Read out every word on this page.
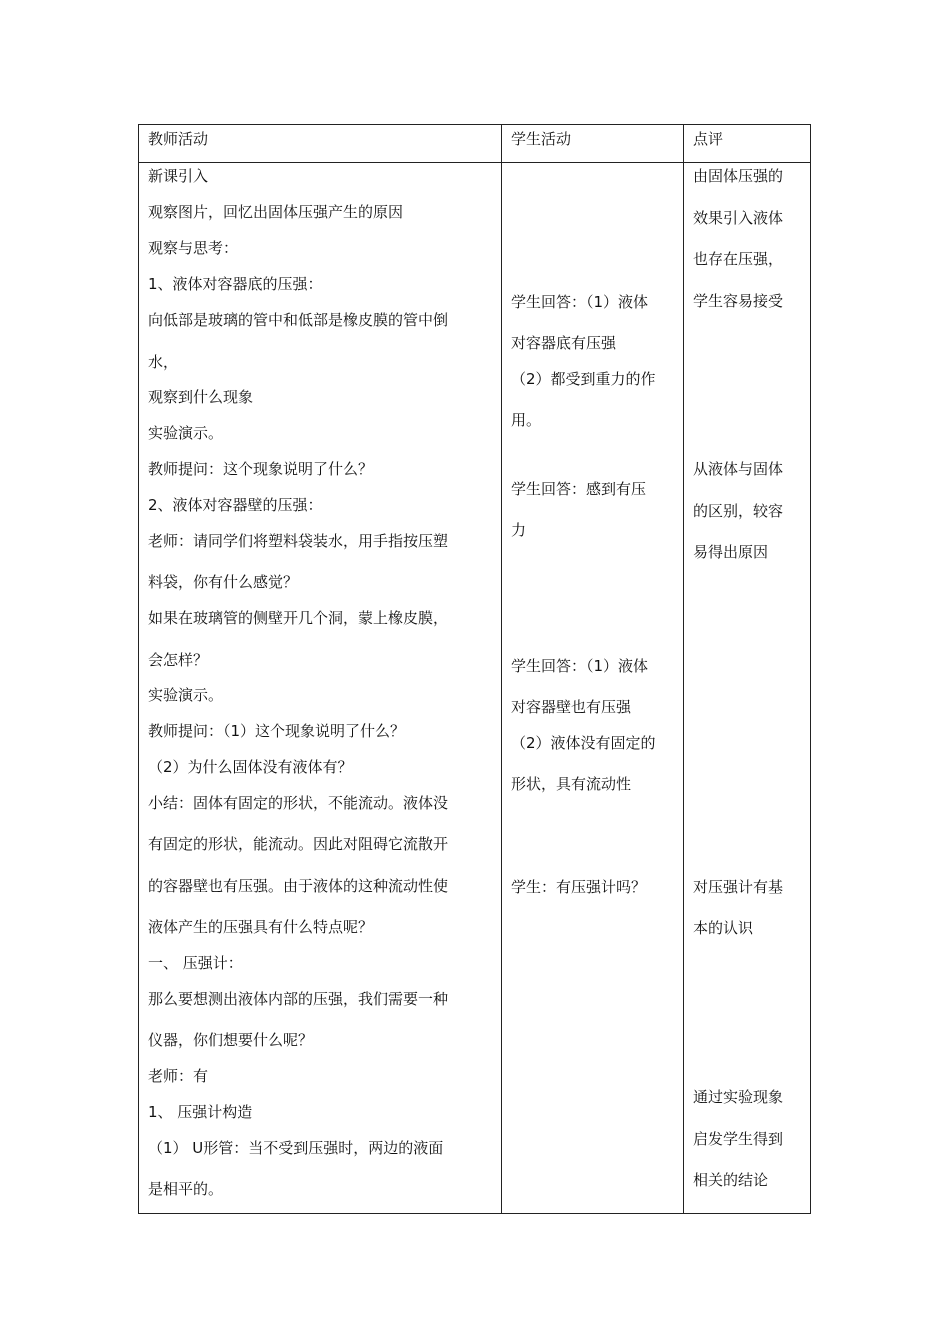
教师活动	学生活动	点评
新课引入
观察图片，回忆出固体压强产生的原因
观察与思考：
1、液体对容器底的压强：
向低部是玻璃的管中和低部是橡皮膜的管中倒
水，
观察到什么现象
实验演示。
教师提问：这个现象说明了什么？
2、液体对容器壁的压强：
老师：请同学们将塑料袋装水，用手指按压塑
料袋，你有什么感觉？
如果在玻璃管的侧壁开几个洞，蒙上橡皮膜，
会怎样？
实验演示。
教师提问：（1）这个现象说明了什么？
（2）为什么固体没有液体有？
小结：固体有固定的形状，不能流动。液体没
有固定的形状，能流动。因此对阻碍它流散开
的容器壁也有压强。由于液体的这种流动性使
液体产生的压强具有什么特点呢？
一、 压强计：
那么要想测出液体内部的压强，我们需要一种
仪器，你们想要什么呢？
老师：有
1、 压强计构造
（1） U形管：当不受到压强时，两边的液面
是相平的。
学生回答：（1）液体
对容器底有压强
（2）都受到重力的作
用。
学生回答：感到有压
力
学生回答：（1）液体
对容器壁也有压强
（2）液体没有固定的
形状，具有流动性
学生：有压强计吗？
由固体压强的
效果引入液体
也存在压强，
学生容易接受
从液体与固体
的区别，较容
易得出原因
对压强计有基
本的认识
通过实验现象
启发学生得到
相关的结论
